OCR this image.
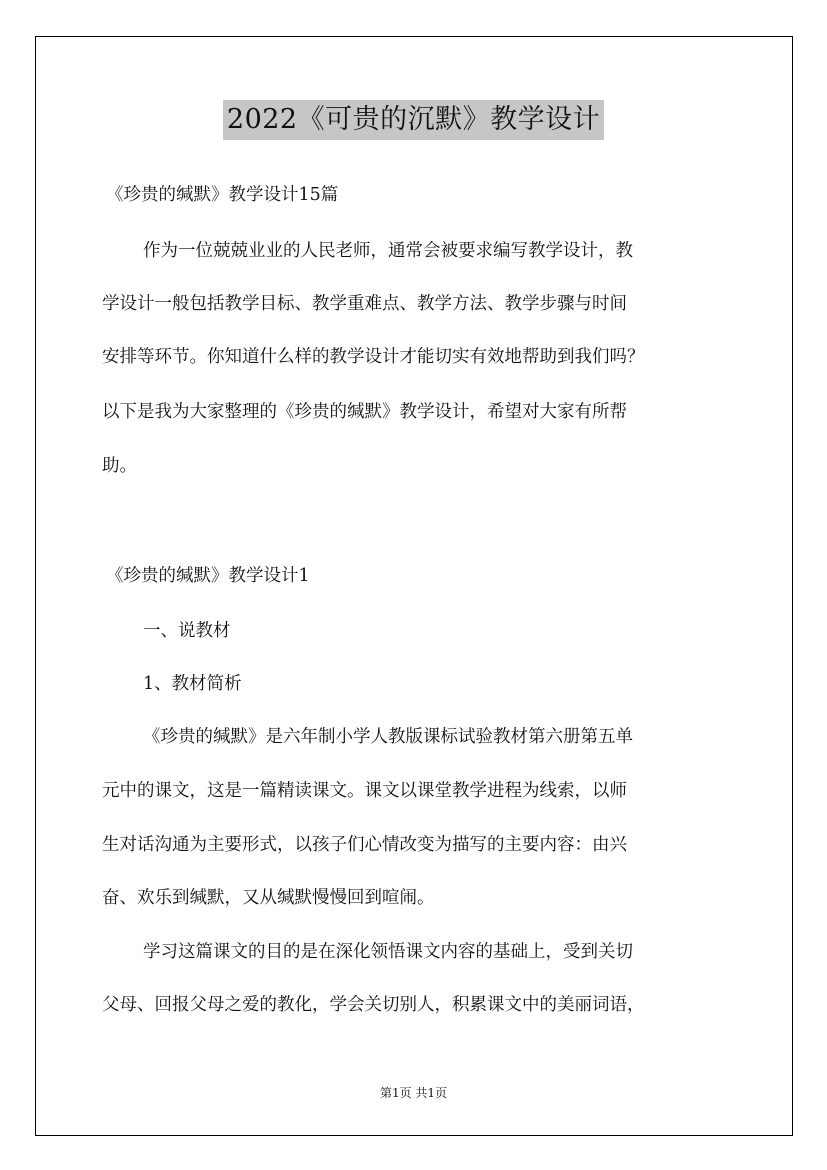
2022《可贵的沉默》教学设计
《珍贵的缄默》教学设计15篇
作为一位兢兢业业的人民老师，通常会被要求编写教学设计，教
学设计一般包括教学目标、教学重难点、教学方法、教学步骤与时间
安排等环节。你知道什么样的教学设计才能切实有效地帮助到我们吗？
以下是我为大家整理的《珍贵的缄默》教学设计，希望对大家有所帮
助。
《珍贵的缄默》教学设计1
一、说教材
1、教材简析
《珍贵的缄默》是六年制小学人教版课标试验教材第六册第五单
元中的课文，这是一篇精读课文。课文以课堂教学进程为线索，以师
生对话沟通为主要形式，以孩子们心情改变为描写的主要内容：由兴
奋、欢乐到缄默，又从缄默慢慢回到喧闹。
学习这篇课文的目的是在深化领悟课文内容的基础上，受到关切
父母、回报父母之爱的教化，学会关切别人，积累课文中的美丽词语，
第1页 共1页
